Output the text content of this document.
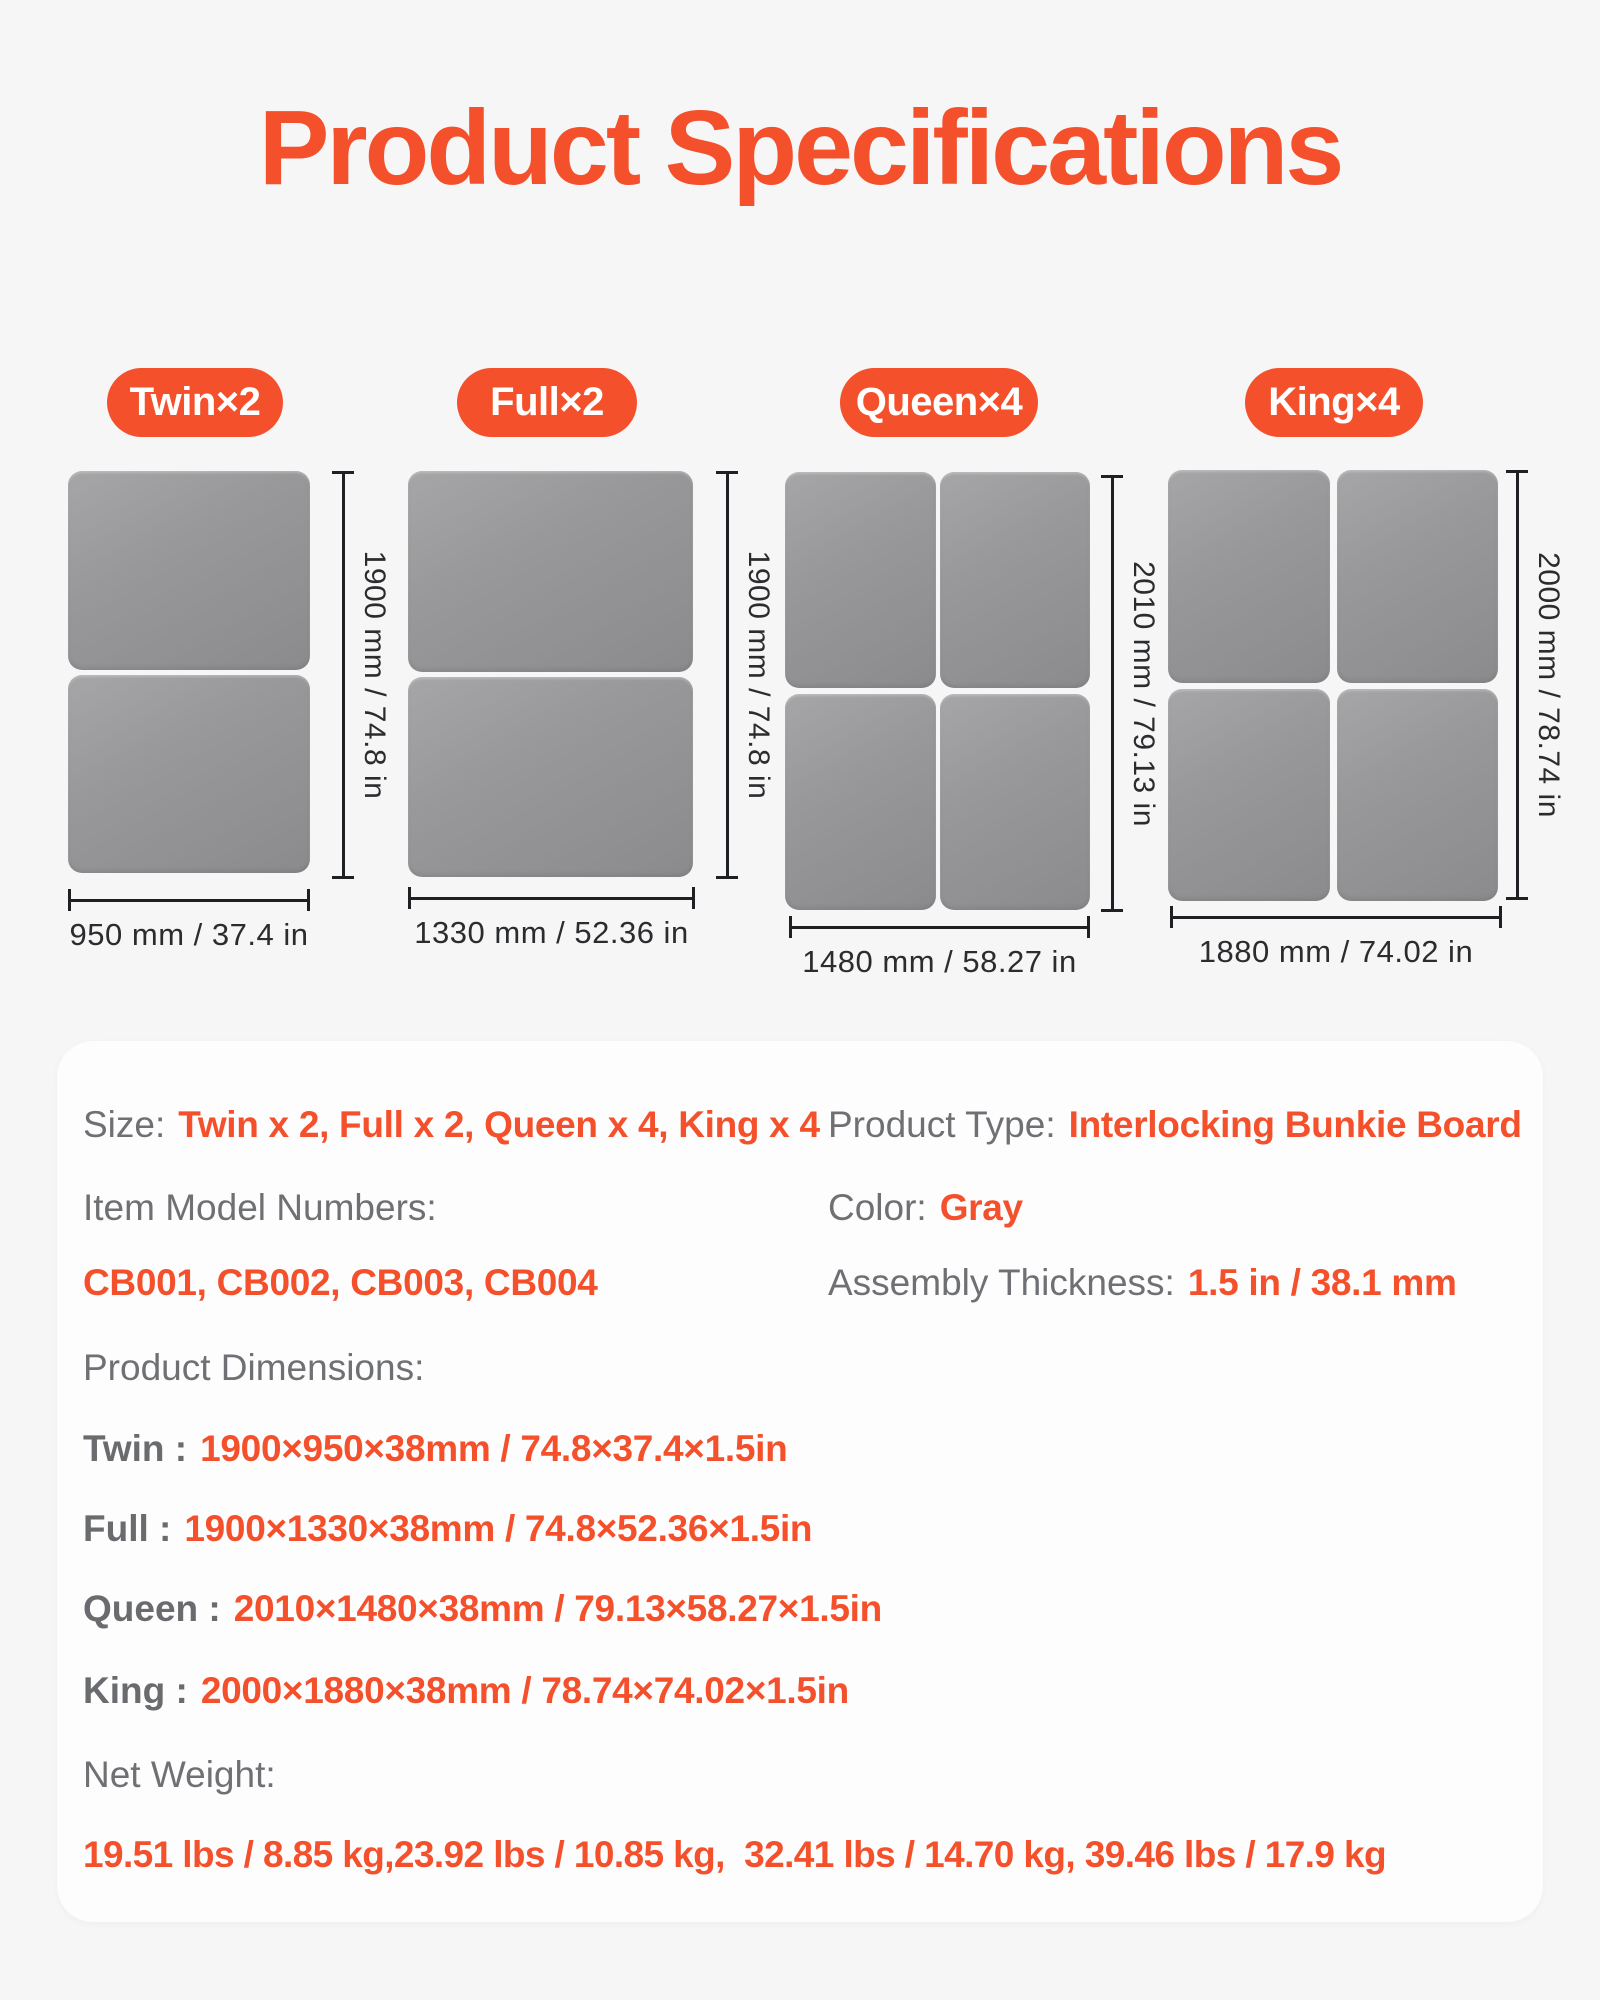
Product Specifications
Twin×2
1900 mm / 74.8 in
950 mm / 37.4 in
Full×2
1900 mm / 74.8 in
1330 mm / 52.36 in
Queen×4
2010 mm / 79.13 in
1480 mm / 58.27 in
King×4
2000 mm / 78.74 in
1880 mm / 74.02 in
Size: Twin x 2, Full x 2, Queen x 4, King x 4 Product Type: Interlocking Bunkie Board
Item Model Numbers:	Color: Gray
CB001, CB002, CB003, CB004	Assembly Thickness: 1.5 in / 38.1 mm
Product Dimensions:
Twin : 1900×950×38mm / 74.8×37.4×1.5in
Full : 1900×1330×38mm / 74.8×52.36×1.5in
Queen : 2010×1480×38mm / 79.13×58.27×1.5in
King : 2000×1880×38mm / 78.74×74.02×1.5in
Net Weight:
19.51 lbs / 8.85 kg,23.92 lbs / 10.85 kg,  32.41 lbs / 14.70 kg, 39.46 lbs / 17.9 kg
